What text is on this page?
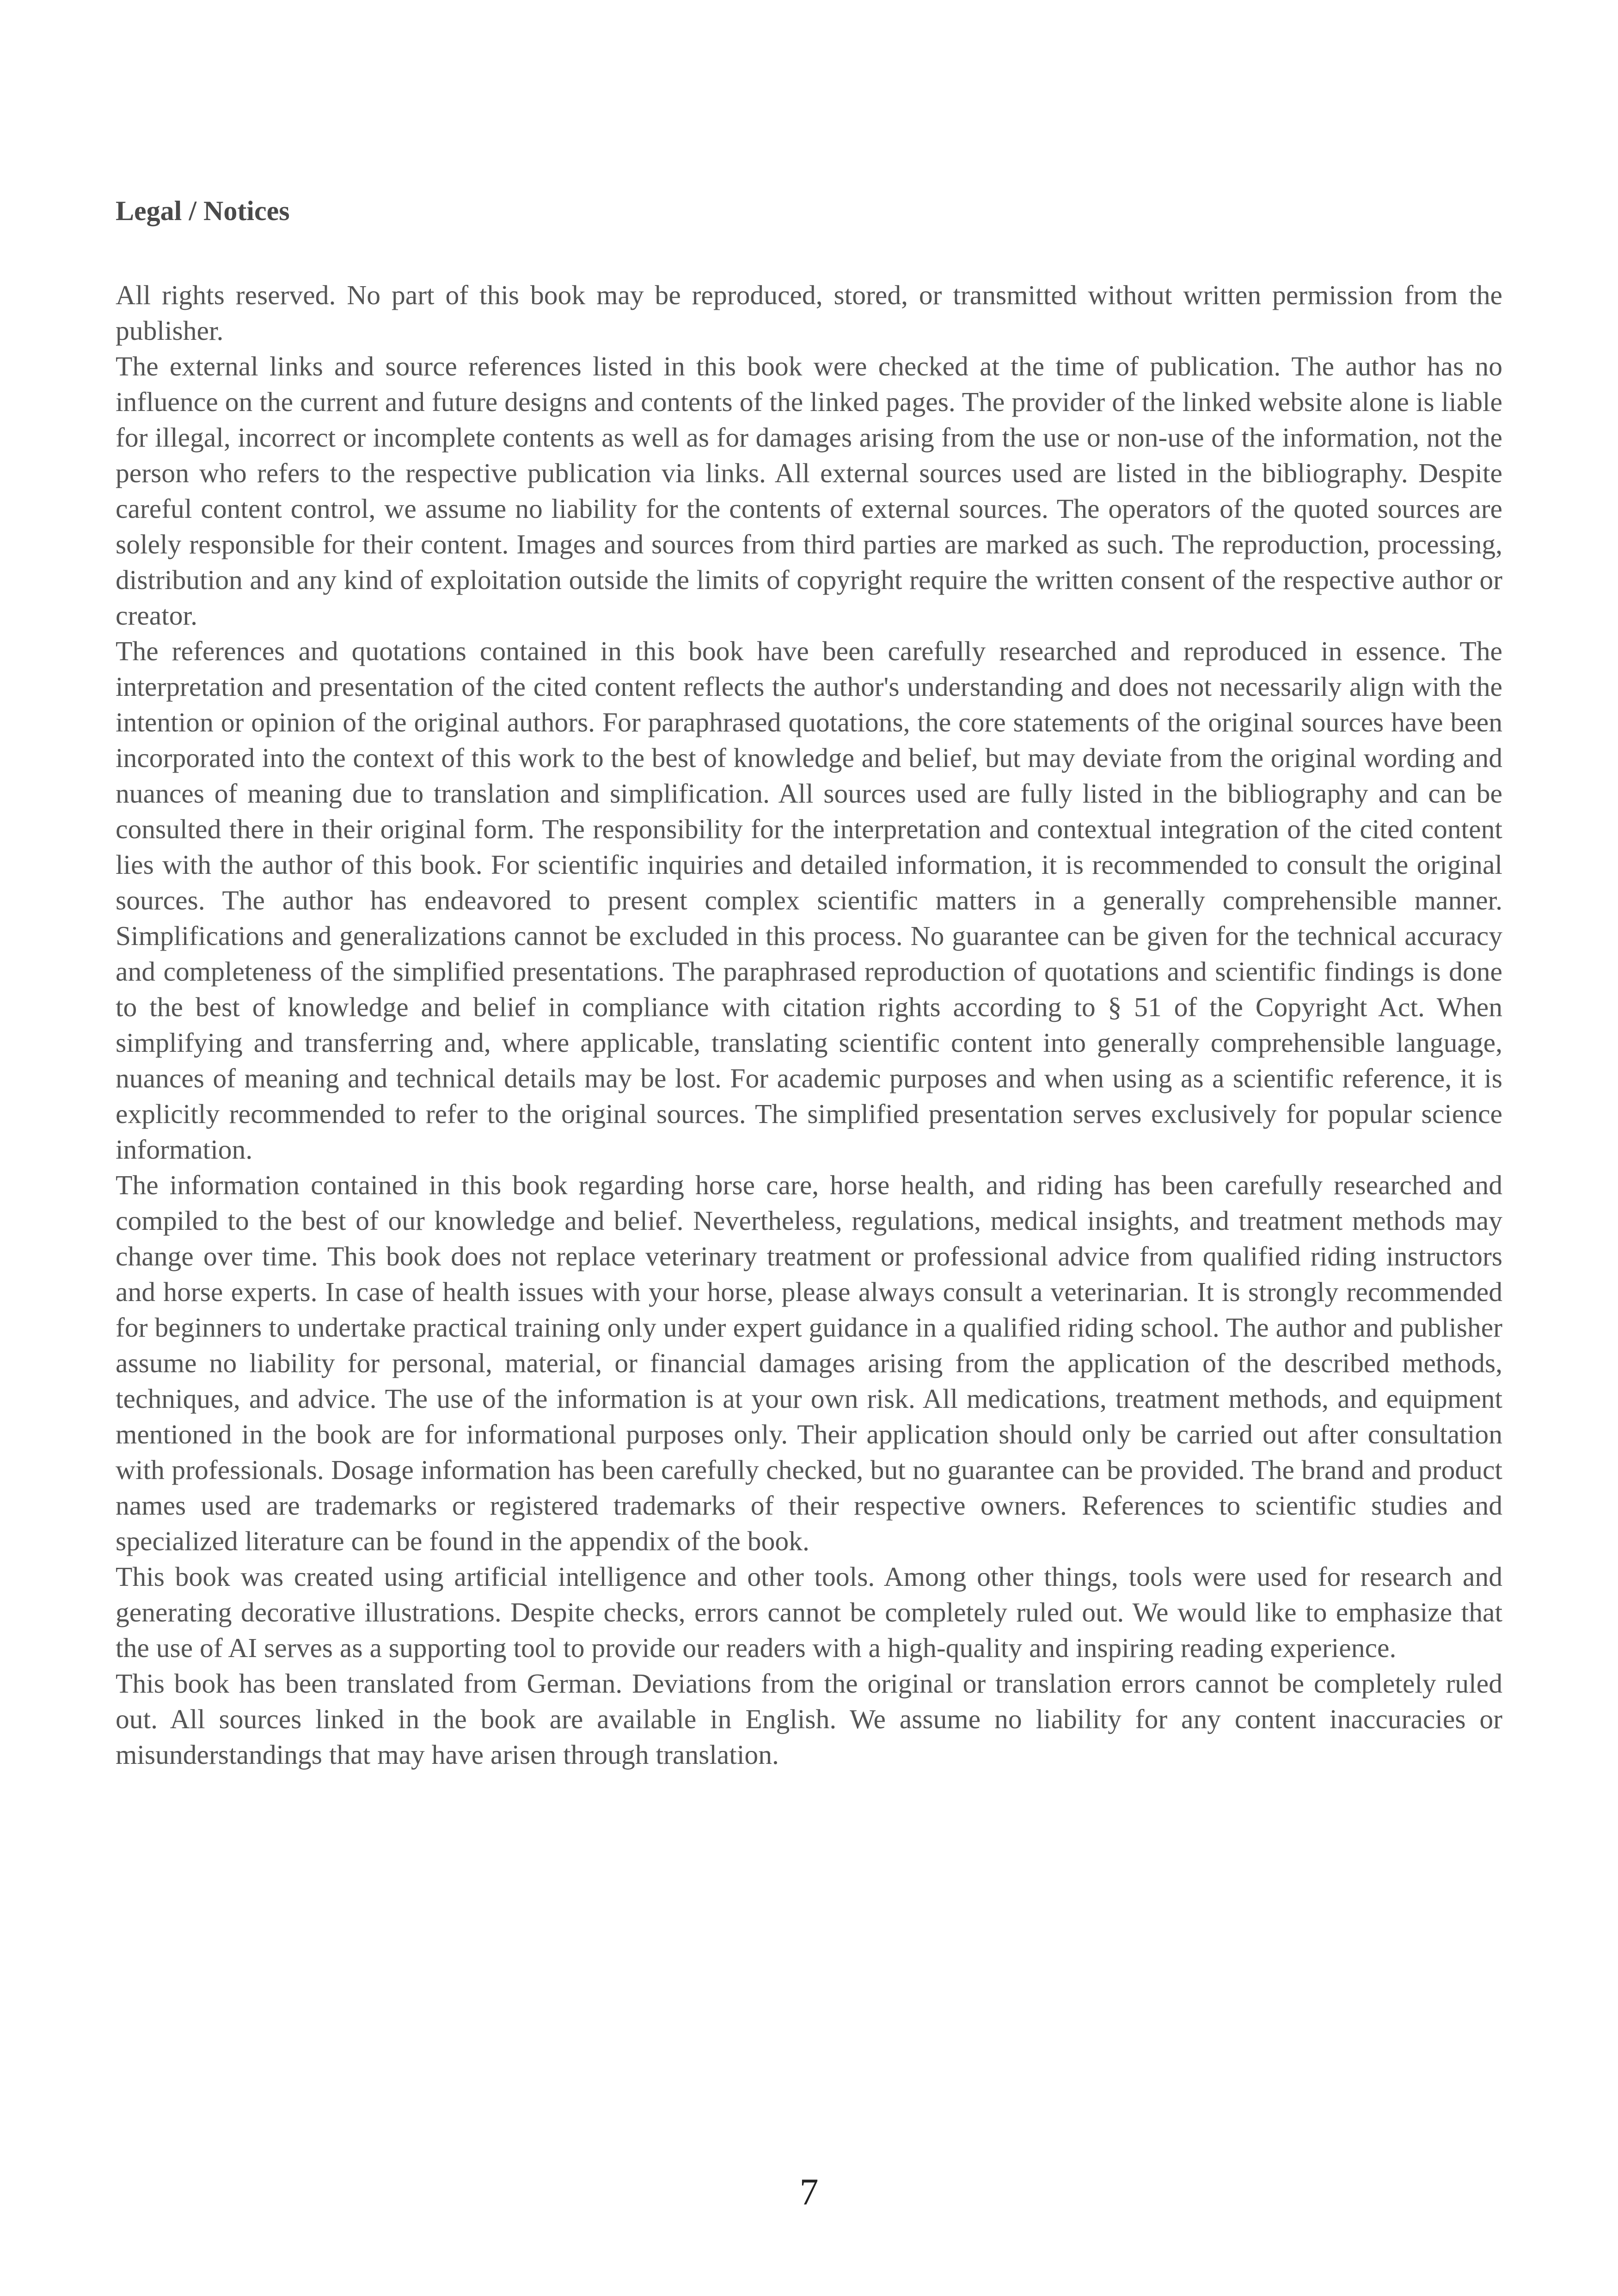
Legal / Notices

All rights reserved. No part of this book may be reproduced, stored, or transmitted without written permission from the publisher.

The external links and source references listed in this book were checked at the time of publication. The author has no influence on the current and future designs and contents of the linked pages. The provider of the linked website alone is liable for illegal, incorrect or incomplete contents as well as for damages arising from the use or non-use of the information, not the person who refers to the respective publication via links. All external sources used are listed in the bibliography. Despite careful content control, we assume no liability for the contents of external sources. The operators of the quoted sources are solely responsible for their content. Images and sources from third parties are marked as such. The reproduction, processing, distribution and any kind of exploitation outside the limits of copyright require the written consent of the respective author or creator.

The references and quotations contained in this book have been carefully researched and reproduced in essence. The interpretation and presentation of the cited content reflects the author's understanding and does not necessarily align with the intention or opinion of the original authors. For paraphrased quotations, the core statements of the original sources have been incorporated into the context of this work to the best of knowledge and belief, but may deviate from the original wording and nuances of meaning due to translation and simplification. All sources used are fully listed in the bibliography and can be consulted there in their original form. The responsibility for the interpretation and contextual integration of the cited content lies with the author of this book. For scientific inquiries and detailed information, it is recommended to consult the original sources. The author has endeavored to present complex scientific matters in a generally comprehensible manner. Simplifications and generalizations cannot be excluded in this process. No guarantee can be given for the technical accuracy and completeness of the simplified presentations. The paraphrased reproduction of quotations and scientific findings is done to the best of knowledge and belief in compliance with citation rights according to § 51 of the Copyright Act. When simplifying and transferring and, where applicable, translating scientific content into generally comprehensible language, nuances of meaning and technical details may be lost. For academic purposes and when using as a scientific reference, it is explicitly recommended to refer to the original sources. The simplified presentation serves exclusively for popular science information.

The information contained in this book regarding horse care, horse health, and riding has been carefully researched and compiled to the best of our knowledge and belief. Nevertheless, regulations, medical insights, and treatment methods may change over time. This book does not replace veterinary treatment or professional advice from qualified riding instructors and horse experts. In case of health issues with your horse, please always consult a veterinarian. It is strongly recommended for beginners to undertake practical training only under expert guidance in a qualified riding school. The author and publisher assume no liability for personal, material, or financial damages arising from the application of the described methods, techniques, and advice. The use of the information is at your own risk. All medications, treatment methods, and equipment mentioned in the book are for informational purposes only. Their application should only be carried out after consultation with professionals. Dosage information has been carefully checked, but no guarantee can be provided. The brand and product names used are trademarks or registered trademarks of their respective owners. References to scientific studies and specialized literature can be found in the appendix of the book.

This book was created using artificial intelligence and other tools. Among other things, tools were used for research and generating decorative illustrations. Despite checks, errors cannot be completely ruled out. We would like to emphasize that the use of AI serves as a supporting tool to provide our readers with a high-quality and inspiring reading experience.

This book has been translated from German. Deviations from the original or translation errors cannot be completely ruled out. All sources linked in the book are available in English. We assume no liability for any content inaccuracies or misunderstandings that may have arisen through translation.

7
